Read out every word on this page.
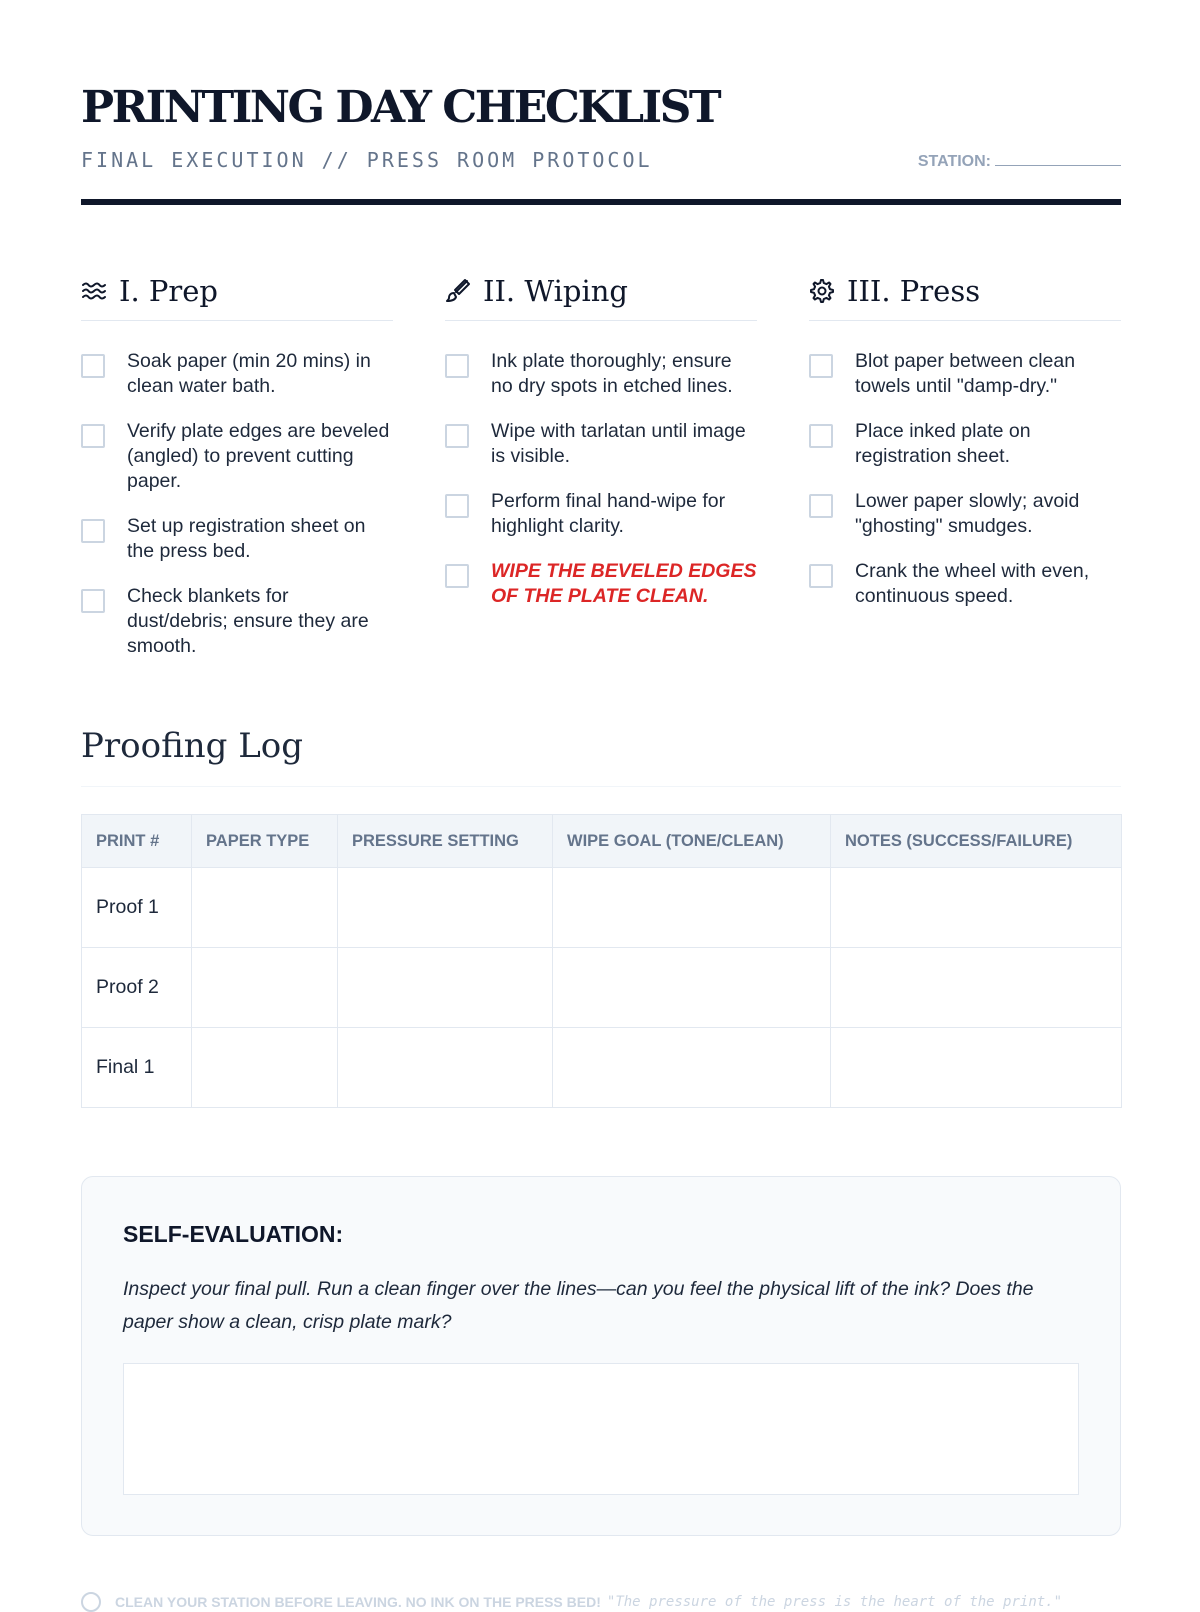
PRINTING DAY CHECKLIST
FINAL EXECUTION // PRESS ROOM PROTOCOL	STATION:
I. Prep
Soak paper (min 20 mins) in clean water bath.
Verify plate edges are beveled (angled) to prevent cutting paper.
Set up registration sheet on the press bed.
Check blankets for dust/debris; ensure they are smooth.
II. Wiping
Ink plate thoroughly; ensure no dry spots in etched lines.
Wipe with tarlatan until image is visible.
Perform final hand-wipe for highlight clarity.
WIPE THE BEVELED EDGES OF THE PLATE CLEAN.
III. Press
Blot paper between clean towels until "damp-dry."
Place inked plate on registration sheet.
Lower paper slowly; avoid "ghosting" smudges.
Crank the wheel with even, continuous speed.
Proofing Log
PRINT #	PAPER TYPE	PRESSURE SETTING	WIPE GOAL (TONE/CLEAN)	NOTES (SUCCESS/FAILURE)
Proof 1				
Proof 2				
Final 1				
SELF-EVALUATION:

Inspect your final pull. Run a clean finger over the lines—can you feel the physical lift of the ink? Does the paper show a clean, crisp plate mark?

CLEAN YOUR STATION BEFORE LEAVING. NO INK ON THE PRESS BED! "The pressure of the press is the heart of the print."
